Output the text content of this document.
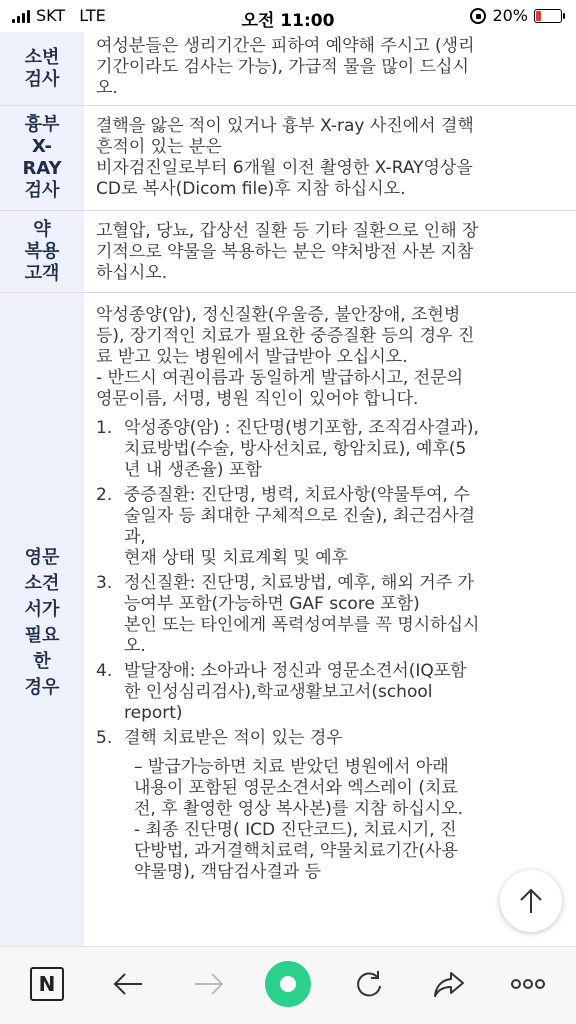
SKT LTE	오전 11:00	20%
소변
검사

여성분들은 생리기간은 피하여 예약해 주시고 (생리

기간이라도 검사는 가능), 가급적 물을 많이 드십시

오.

흉부
X-
RAY
검사

결핵을 앓은 적이 있거나 흉부 X-ray 사진에서 결핵

흔적이 있는 분은

비자검진일로부터 6개월 이전 촬영한 X-RAY영상을

CD로 복사(Dicom file)후 지참 하십시오.

약
복용
고객

고혈압, 당뇨, 갑상선 질환 등 기타 질환으로 인해 장

기적으로 약물을 복용하는 분은 약처방전 사본 지참

하십시오.

영문
소견
서가
필요
한
경우

악성종양(암), 정신질환(우울증, 불안장애, 조현병

등), 장기적인 치료가 필요한 중증질환 등의 경우 진

료 받고 있는 병원에서 발급받아 오십시오.

- 반드시 여권이름과 동일하게 발급하시고, 전문의

영문이름, 서명, 병원 직인이 있어야 합니다.

1. 악성종양(암) : 진단명(병기포함, 조직검사결과),

치료방법(수술, 방사선치료, 항암치료), 예후(5

년 내 생존율) 포함

2. 중증질환: 진단명, 병력, 치료사항(약물투여, 수

술일자 등 최대한 구체적으로 진술), 최근검사결

과,

현재 상태 및 치료계획 및 예후

3. 정신질환: 진단명, 치료방법, 예후, 해외 거주 가

능여부 포함(가능하면 GAF score 포함)

본인 또는 타인에게 폭력성여부를 꼭 명시하십시

오.

4. 발달장애: 소아과나 정신과 영문소견서(IQ포함

한 인성심리검사),학교생활보고서(school

report)

5. 결핵 치료받은 적이 있는 경우

– 발급가능하면 치료 받았던 병원에서 아래

내용이 포함된 영문소견서와 엑스레이 (치료

전, 후 촬영한 영상 복사본)를 지참 하십시오.

- 최종 진단명( ICD 진단코드), 치료시기, 진

단방법, 과거결핵치료력, 약물치료기간(사용

약물명), 객담검사결과 등

N
